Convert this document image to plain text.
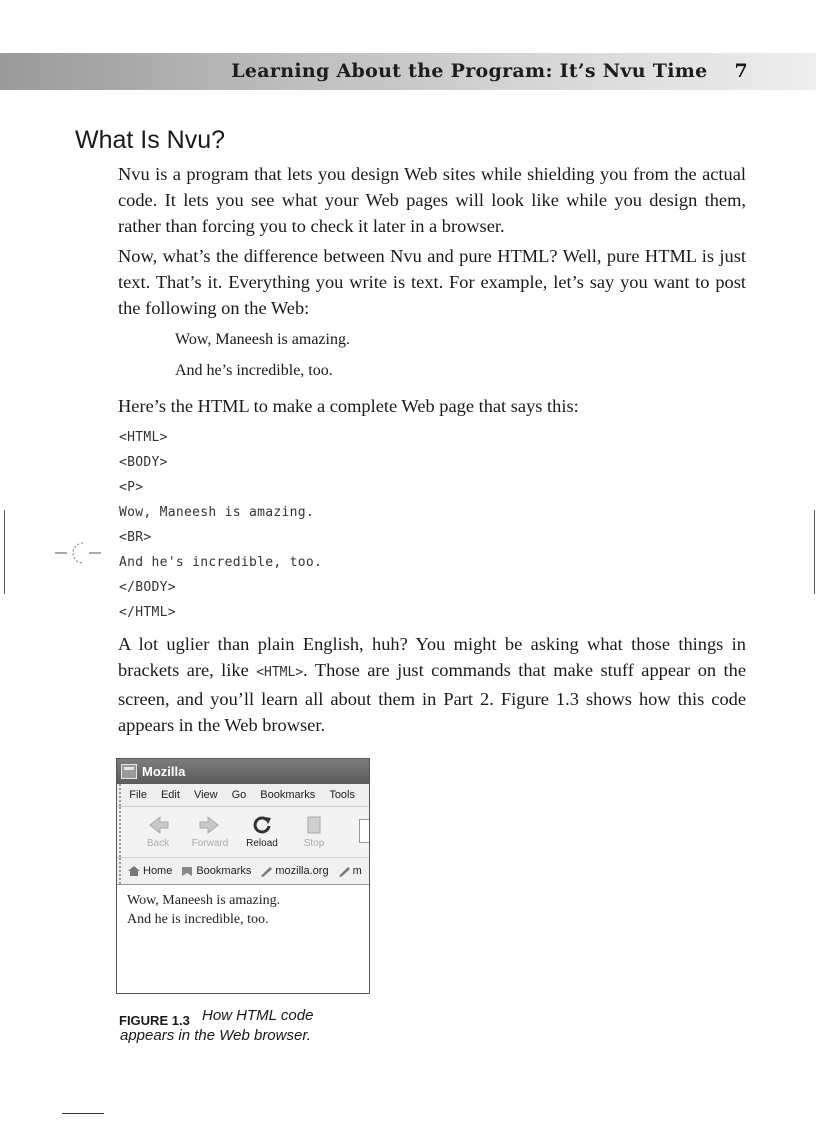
Learning About the Program: It’s Nvu Time 7
What Is Nvu?

Nvu is a program that lets you design Web sites while shielding you from the actual code. It lets you see what your Web pages will look like while you design them, rather than forcing you to check it later in a browser.

Now, what’s the difference between Nvu and pure HTML? Well, pure HTML is just text. That’s it. Everything you write is text. For example, let’s say you want to post the following on the Web:

Wow, Maneesh is amazing.
And he’s incredible, too.

Here’s the HTML to make a complete Web page that says this:

<HTML>
<BODY>
<P>
Wow, Maneesh is amazing.
<BR>
And he's incredible, too.
</BODY>
</HTML>

A lot uglier than plain English, huh? You might be asking what those things in brackets are, like <HTML>. Those are just commands that make stuff appear on the screen, and you’ll learn all about them in Part 2. Figure 1.3 shows how this code appears in the Web browser.

Mozilla
File Edit View Go Bookmarks Tools
Back Forward Reload	Stop
Home Bookmarks mozilla.org m
Wow, Maneesh is amazing.
And he is incredible, too.

How HTML code appears in the Web browser.

FIGURE 1.3
